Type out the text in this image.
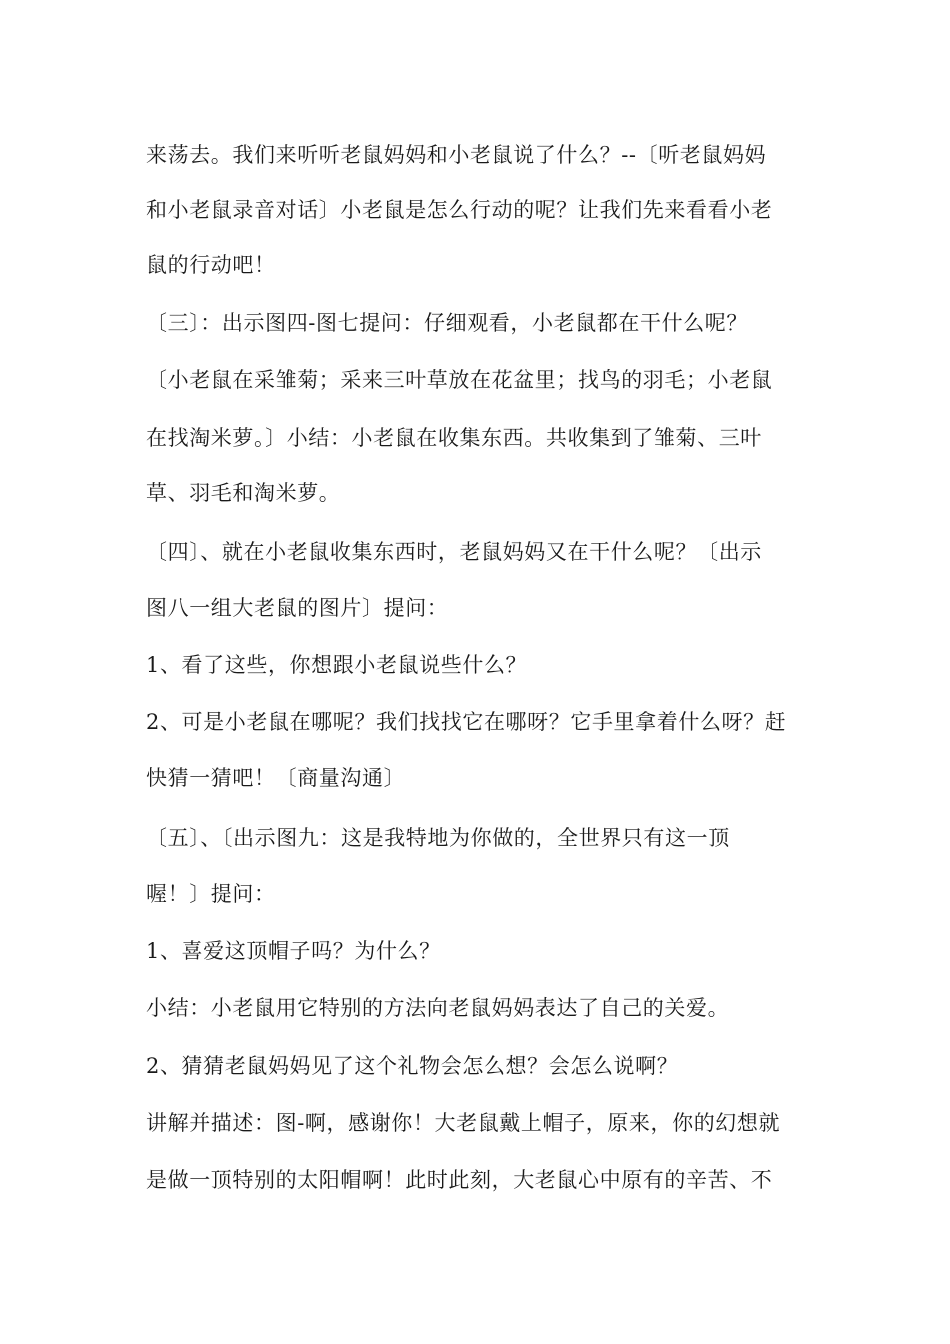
来荡去。我们来听听老鼠妈妈和小老鼠说了什么？--〔听老鼠妈妈
和小老鼠录音对话〕小老鼠是怎么行动的呢？让我们先来看看小老
鼠的行动吧！
〔三〕：出示图四-图七提问：仔细观看，小老鼠都在干什么呢？
〔小老鼠在采雏菊；采来三叶草放在花盆里；找鸟的羽毛；小老鼠
在找淘米萝。〕小结：小老鼠在收集东西。共收集到了雏菊、三叶
草、羽毛和淘米萝。
〔四〕、就在小老鼠收集东西时，老鼠妈妈又在干什么呢？〔出示
图八一组大老鼠的图片〕提问：
1、看了这些，你想跟小老鼠说些什么？
2、可是小老鼠在哪呢？我们找找它在哪呀？它手里拿着什么呀？赶
快猜一猜吧！〔商量沟通〕
〔五〕、〔出示图九：这是我特地为你做的，全世界只有这一顶
喔！〕提问：
1、喜爱这顶帽子吗？为什么？
小结：小老鼠用它特别的方法向老鼠妈妈表达了自己的关爱。
2、猜猜老鼠妈妈见了这个礼物会怎么想？会怎么说啊？
讲解并描述：图-啊，感谢你！大老鼠戴上帽子，原来，你的幻想就
是做一顶特别的太阳帽啊！此时此刻，大老鼠心中原有的辛苦、不
